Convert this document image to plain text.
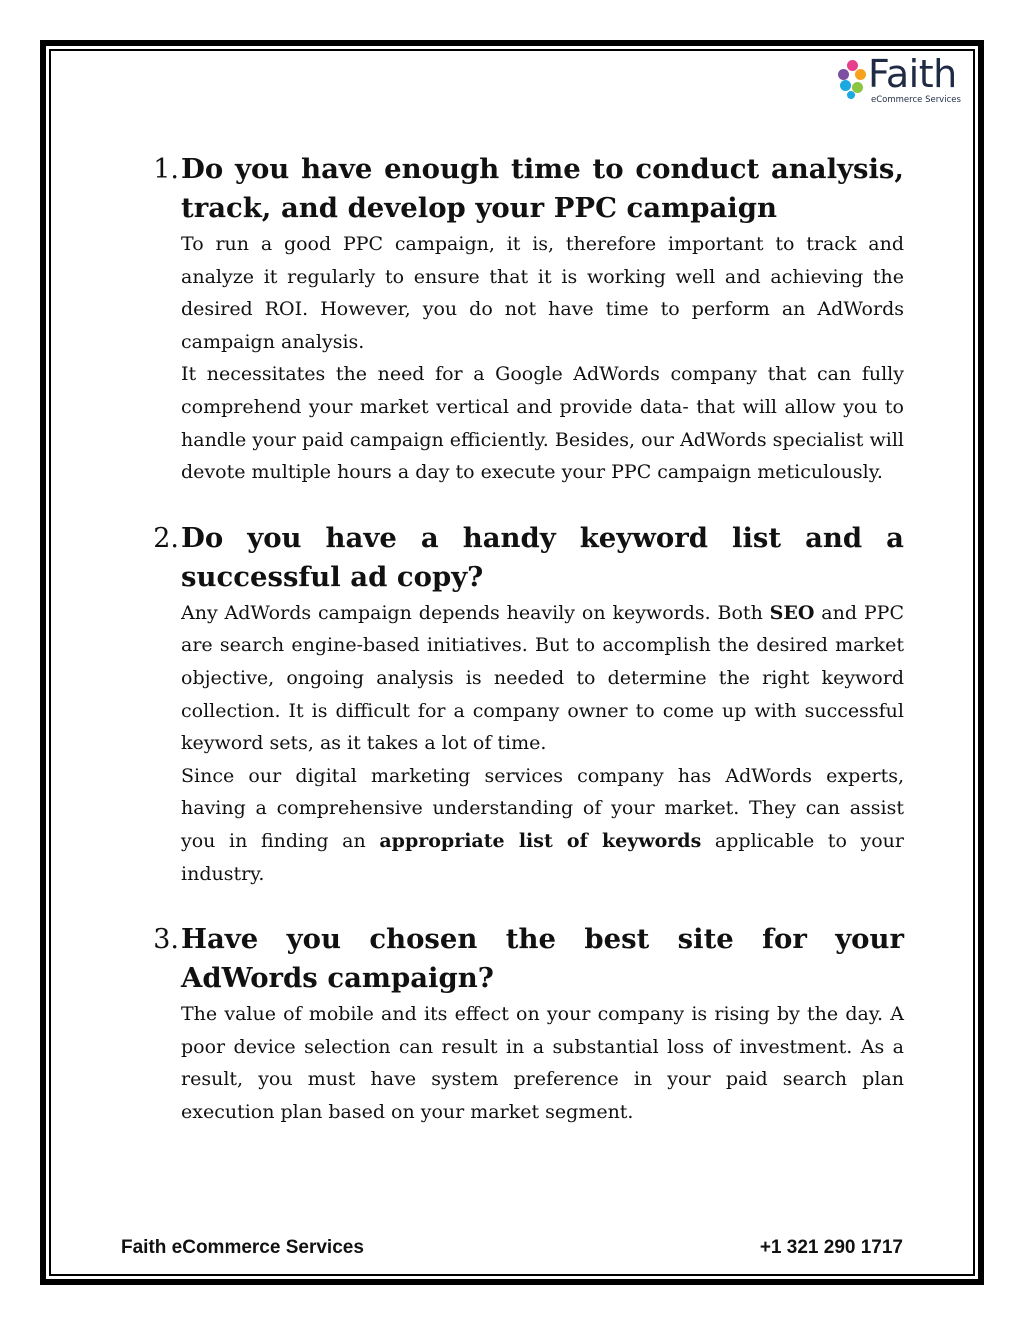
Faith
eCommerce Services
1. Do you have enough time to conduct analysis, track, and develop your PPC campaign

To run a good PPC campaign, it is, therefore important to track and analyze it regularly to ensure that it is working well and achieving the desired ROI. However, you do not have time to perform an AdWords campaign analysis.

It necessitates the need for a Google AdWords company that can fully comprehend your market vertical and provide data- that will allow you to handle your paid campaign efficiently. Besides, our AdWords specialist will devote multiple hours a day to execute your PPC campaign meticulously.

2. Do you have a handy keyword list and a successful ad copy?

Any AdWords campaign depends heavily on keywords. Both SEO and PPC are search engine-based initiatives. But to accomplish the desired market objective, ongoing analysis is needed to determine the right keyword collection. It is difficult for a company owner to come up with successful keyword sets, as it takes a lot of time.

Since our digital marketing services company has AdWords experts, having a comprehensive understanding of your market. They can assist you in finding an appropriate list of keywords applicable to your industry.

3. Have you chosen the best site for your AdWords campaign?

The value of mobile and its effect on your company is rising by the day. A poor device selection can result in a substantial loss of investment. As a result, you must have system preference in your paid search plan execution plan based on your market segment.

Faith eCommerce Services	+1 321 290 1717
